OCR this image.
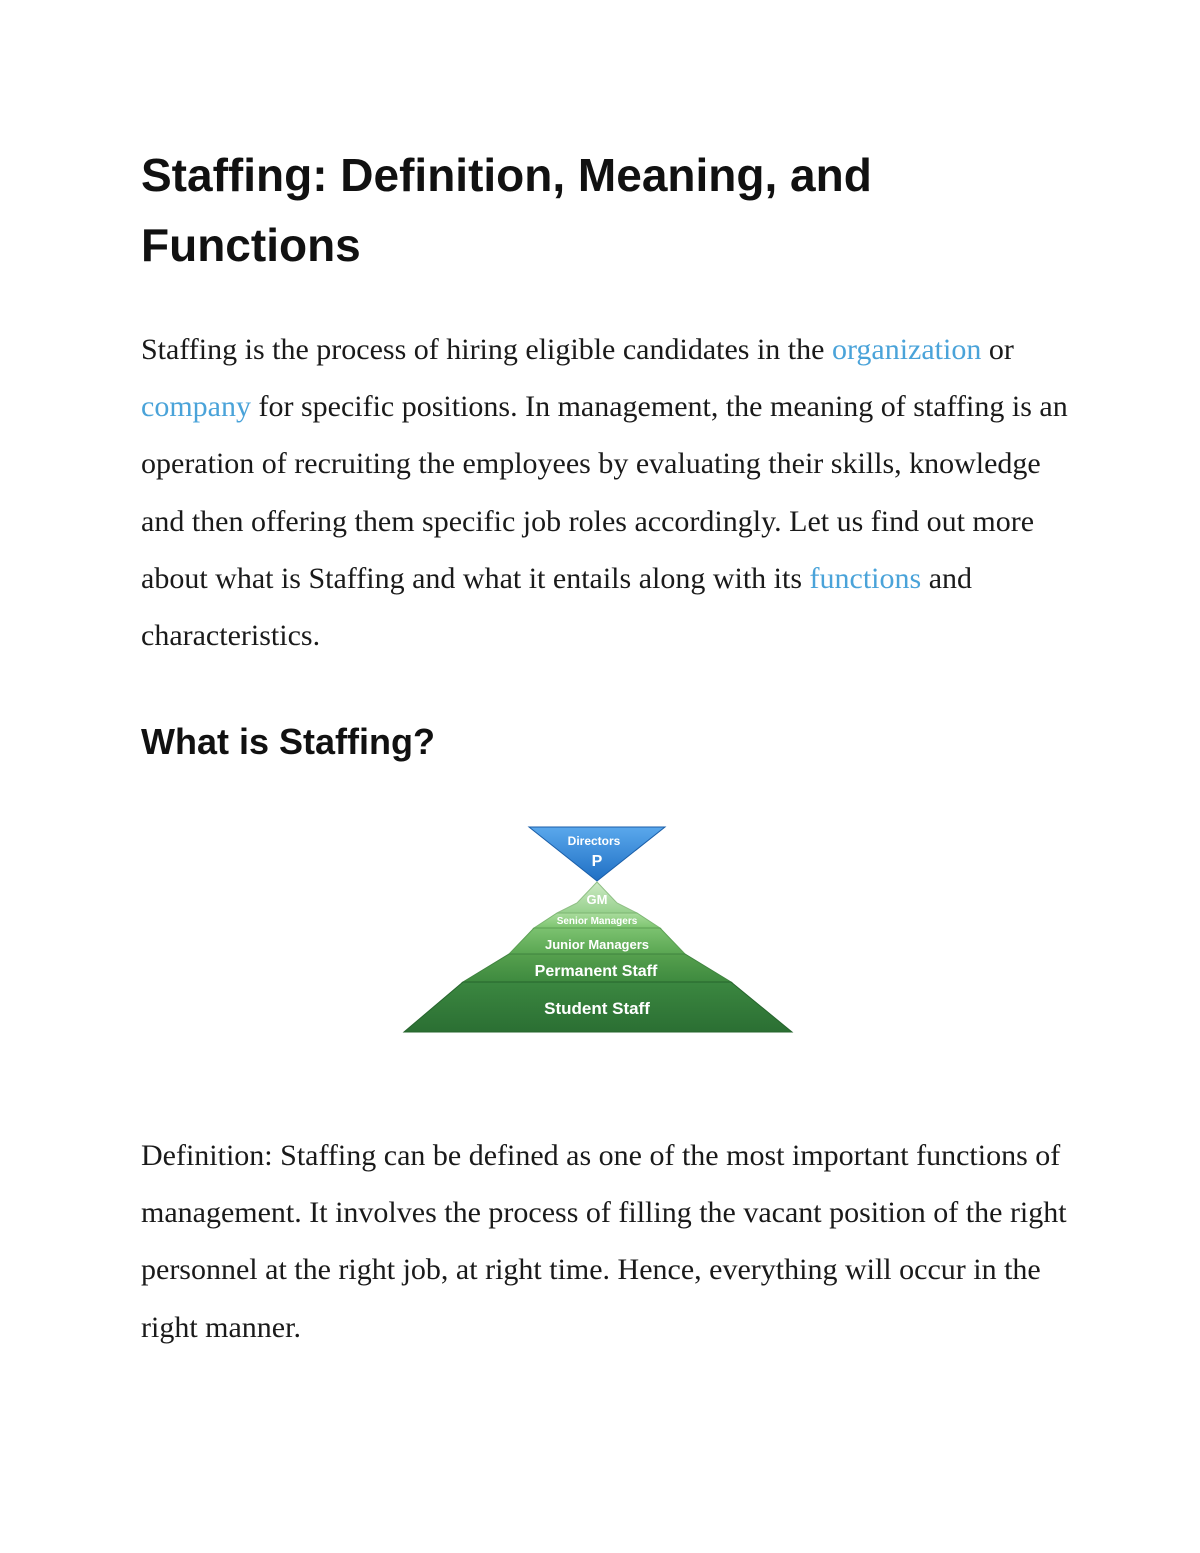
Staffing: Definition, Meaning, and Functions

Staffing is the process of hiring eligible candidates in the organization or company for specific positions. In management, the meaning of staffing is an operation of recruiting the employees by evaluating their skills, knowledge and then offering them specific job roles accordingly. Let us find out more about what is Staffing and what it entails along with its functions and characteristics.

What is Staffing?
Directors
P
GM
Senior Managers
Junior Managers
Permanent Staff
Student Staff

Definition: Staffing can be defined as one of the most important functions of management. It involves the process of filling the vacant position of the right personnel at the right job, at right time. Hence, everything will occur in the right manner.
